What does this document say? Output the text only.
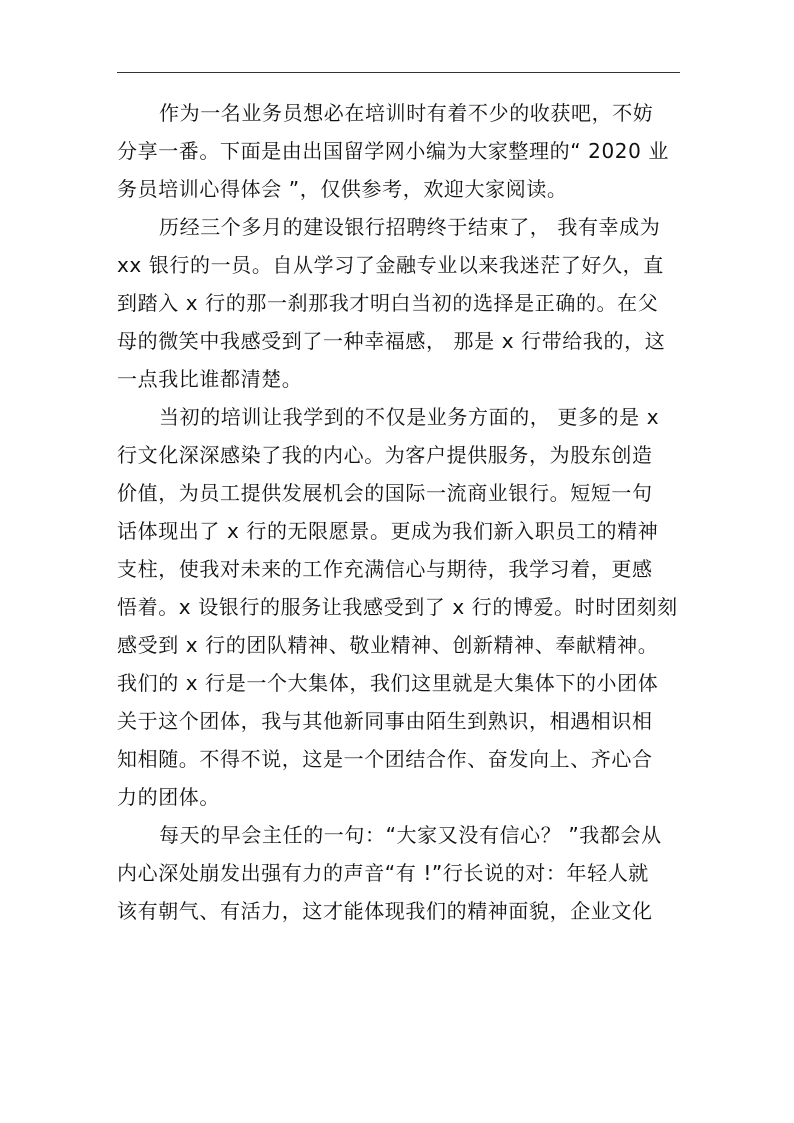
作为一名业务员想必在培训时有着不少的收获吧，不妨
分享一番。下面是由出国留学网小编为大家整理的“ 2020 业
务员培训心得体会 ”，仅供参考，欢迎大家阅读。
历经三个多月的建设银行招聘终于结束了， 我有幸成为
xx 银行的一员。自从学习了金融专业以来我迷茫了好久，直
到踏入 x 行的那一刹那我才明白当初的选择是正确的。在父
母的微笑中我感受到了一种幸福感， 那是 x 行带给我的，这
一点我比谁都清楚。
当初的培训让我学到的不仅是业务方面的， 更多的是 x
行文化深深感染了我的内心。为客户提供服务，为股东创造
价值，为员工提供发展机会的国际一流商业银行。短短一句
话体现出了 x 行的无限愿景。更成为我们新入职员工的精神
支柱，使我对未来的工作充满信心与期待，我学习着，更感
悟着。x 设银行的服务让我感受到了 x 行的博爱。时时团刻刻
感受到 x 行的团队精神、敬业精神、创新精神、奉献精神。
我们的 x 行是一个大集体，我们这里就是大集体下的小团体
关于这个团体，我与其他新同事由陌生到熟识，相遇相识相
知相随。不得不说，这是一个团结合作、奋发向上、齐心合
力的团体。
每天的早会主任的一句：“大家又没有信心？ ”我都会从
内心深处崩发出强有力的声音“有 !”行长说的对：年轻人就
该有朝气、有活力，这才能体现我们的精神面貌，企业文化
